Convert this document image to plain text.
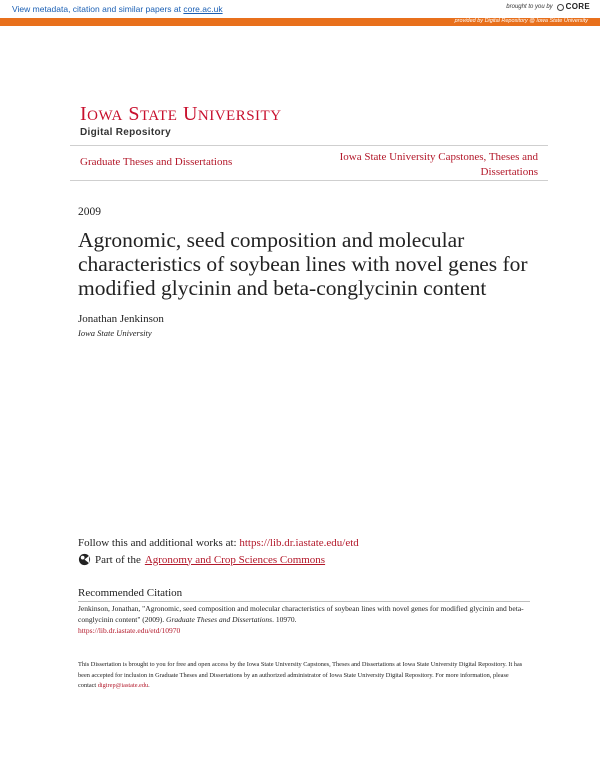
View metadata, citation and similar papers at core.ac.uk	brought to you by CORE
provided by Digital Repository @ Iowa State University
IOWA STATE UNIVERSITY
Digital Repository
Graduate Theses and Dissertations	Iowa State University Capstones, Theses and Dissertations
2009
Agronomic, seed composition and molecular characteristics of soybean lines with novel genes for modified glycinin and beta-conglycinin content
Jonathan Jenkinson
Iowa State University
Follow this and additional works at: https://lib.dr.iastate.edu/etd
Part of the Agronomy and Crop Sciences Commons
Recommended Citation
Jenkinson, Jonathan, "Agronomic, seed composition and molecular characteristics of soybean lines with novel genes for modified glycinin and beta-conglycinin content" (2009). Graduate Theses and Dissertations. 10970.
https://lib.dr.iastate.edu/etd/10970
This Dissertation is brought to you for free and open access by the Iowa State University Capstones, Theses and Dissertations at Iowa State University Digital Repository. It has been accepted for inclusion in Graduate Theses and Dissertations by an authorized administrator of Iowa State University Digital Repository. For more information, please contact digirep@iastate.edu.
